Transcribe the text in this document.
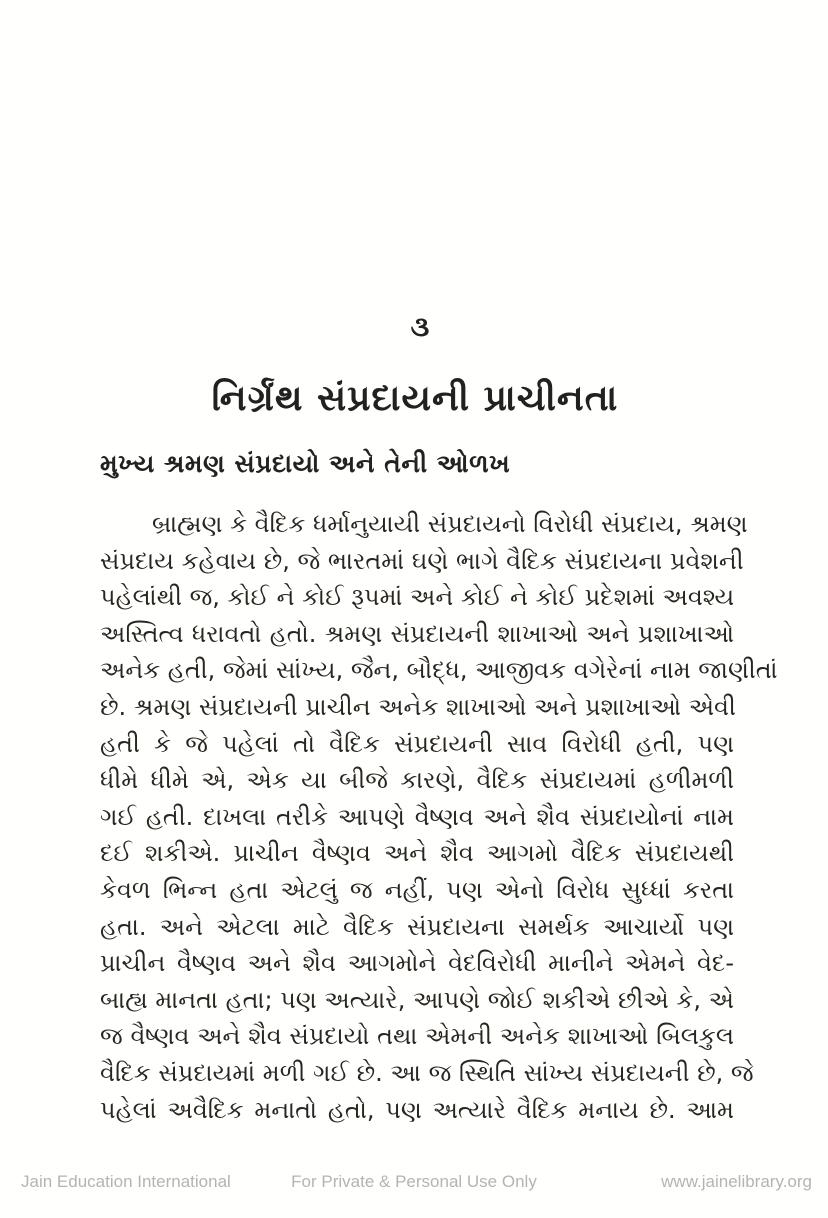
૩
નિર્ગ્રંથ સંપ્રદાયની પ્રાચીનતા
મુખ્ય શ્રમણ સંપ્રદાયો અને તેની ઓળખ
બ્રાહ્મણ કે વૈદિક ધર્માનુયાયી સંપ્રદાયનો વિરોધી સંપ્રદાય, શ્રમણ
સંપ્રદાય કહેવાય છે, જે ભારતમાં ઘણે ભાગે વૈદિક સંપ્રદાયના પ્રવેશની
પહેલાંથી જ, કોઈ ને કોઈ રૂપમાં અને કોઈ ને કોઈ પ્રદેશમાં અવશ્ય
અસ્તિત્વ ધરાવતો હતો. શ્રમણ સંપ્રદાયની શાખાઓ અને પ્રશાખાઓ
અનેક હતી, જેમાં સાંખ્ય, જૈન, બૌદ્ધ, આજીવક વગેરેનાં નામ જાણીતાં
છે. શ્રમણ સંપ્રદાયની પ્રાચીન અનેક શાખાઓ અને પ્રશાખાઓ એવી
હતી કે જે પહેલાં તો વૈદિક સંપ્રદાયની સાવ વિરોધી હતી, પણ
ધીમે ધીમે એ, એક યા બીજે કારણે, વૈદિક સંપ્રદાયમાં હળીમળી
ગઈ હતી. દાખલા તરીકે આપણે વૈષ્ણવ અને શૈવ સંપ્રદાયોનાં નામ
દઈ શકીએ. પ્રાચીન વૈષ્ણવ અને શૈવ આગમો વૈદિક સંપ્રદાયથી
કેવળ ભિન્ન હતા એટલું જ નહીં, પણ એનો વિરોધ સુધ્ધાં કરતા
હતા. અને એટલા માટે વૈદિક સંપ્રદાયના સમર્થક આચાર્યો પણ
પ્રાચીન વૈષ્ણવ અને શૈવ આગમોને વેદવિરોધી માનીને એમને વેદ-
બાહ્ય માનતા હતા; પણ અત્યારે, આપણે જોઈ શકીએ છીએ કે, એ
જ વૈષ્ણવ અને શૈવ સંપ્રદાયો તથા એમની અનેક શાખાઓ બિલકુલ
વૈદિક સંપ્રદાયમાં મળી ગઈ છે. આ જ સ્થિતિ સાંખ્ય સંપ્રદાયની છે, જે
પહેલાં અવૈદિક મનાતો હતો, પણ અત્યારે વૈદિક મનાય છે. આમ
Jain Education International	For Private & Personal Use Only	www.jainelibrary.org
